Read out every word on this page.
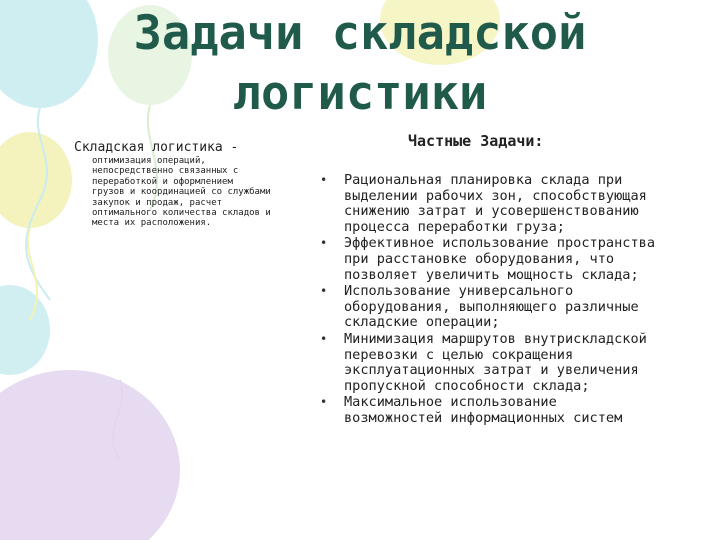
Задачи складской
логистики
Складская логистика -
оптимизация операций,
непосредственно связанных с
переработкой и оформлением
грузов и координацией со службами
закупок и продаж, расчет
оптимального количества складов и
места их расположения.
Частные Задачи:
•	Рациональная планировка склада при
выделении рабочих зон, способствующая
снижению затрат и усовершенствованию
процесса переработки груза;
•	Эффективное использование пространства
при расстановке оборудования, что
позволяет увеличить мощность склада;
•	Использование универсального
оборудования, выполняющего различные
складские операции;
•	Минимизация маршрутов внутрискладской
перевозки с целью сокращения
эксплуатационных затрат и увеличения
пропускной способности склада;
•	Максимальное использование
возможностей информационных систем
